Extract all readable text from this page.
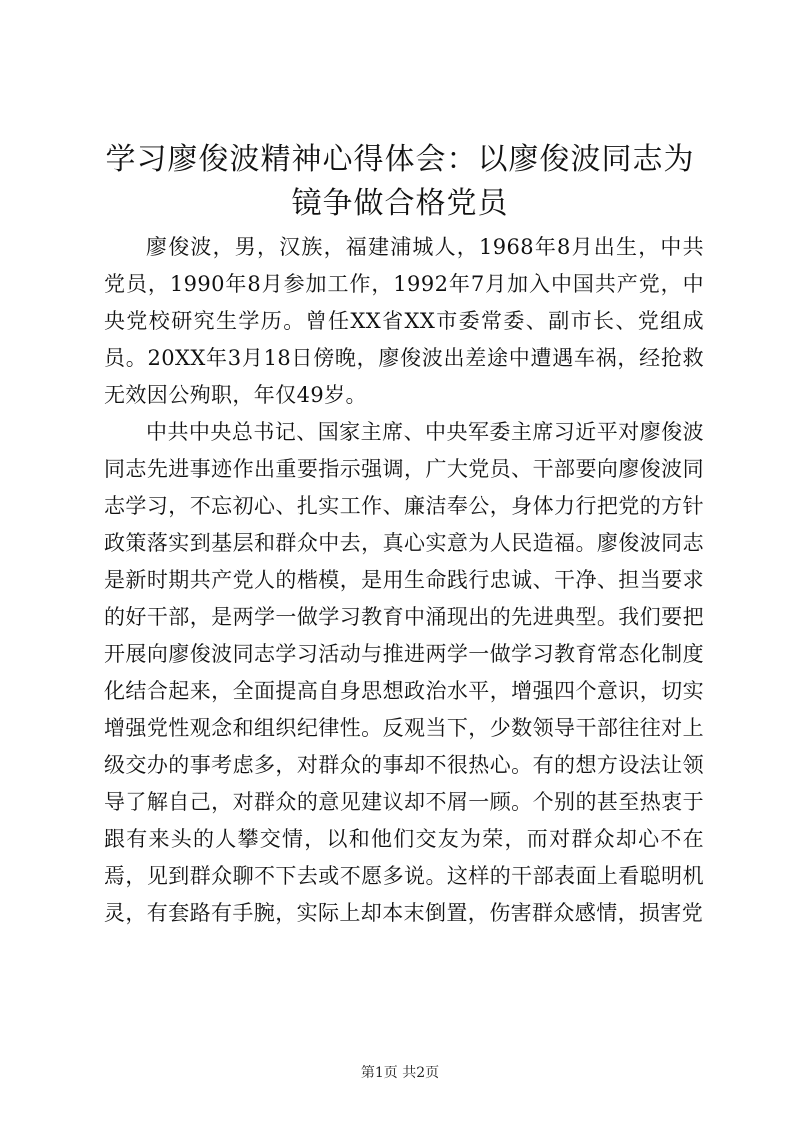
学习廖俊波精神心得体会：以廖俊波同志为镜争做合格党员

廖俊波，男，汉族，福建浦城人，1968年8月出生，中共党员，1990年8月参加工作，1992年7月加入中国共产党，中央党校研究生学历。曾任XX省XX市委常委、副市长、党组成员。20XX年3月18日傍晚，廖俊波出差途中遭遇车祸，经抢救无效因公殉职，年仅49岁。

中共中央总书记、国家主席、中央军委主席习近平对廖俊波同志先进事迹作出重要指示强调，广大党员、干部要向廖俊波同志学习，不忘初心、扎实工作、廉洁奉公，身体力行把党的方针政策落实到基层和群众中去，真心实意为人民造福。廖俊波同志是新时期共产党人的楷模，是用生命践行忠诚、干净、担当要求的好干部，是两学一做学习教育中涌现出的先进典型。我们要把开展向廖俊波同志学习活动与推进两学一做学习教育常态化制度化结合起来，全面提高自身思想政治水平，增强四个意识，切实增强党性观念和组织纪律性。反观当下，少数领导干部往往对上级交办的事考虑多，对群众的事却不很热心。有的想方设法让领导了解自己，对群众的意见建议却不屑一顾。个别的甚至热衷于跟有来头的人攀交情，以和他们交友为荣，而对群众却心不在焉，见到群众聊不下去或不愿多说。这样的干部表面上看聪明机灵，有套路有手腕，实际上却本末倒置，伤害群众感情，损害党

第1页 共2页
